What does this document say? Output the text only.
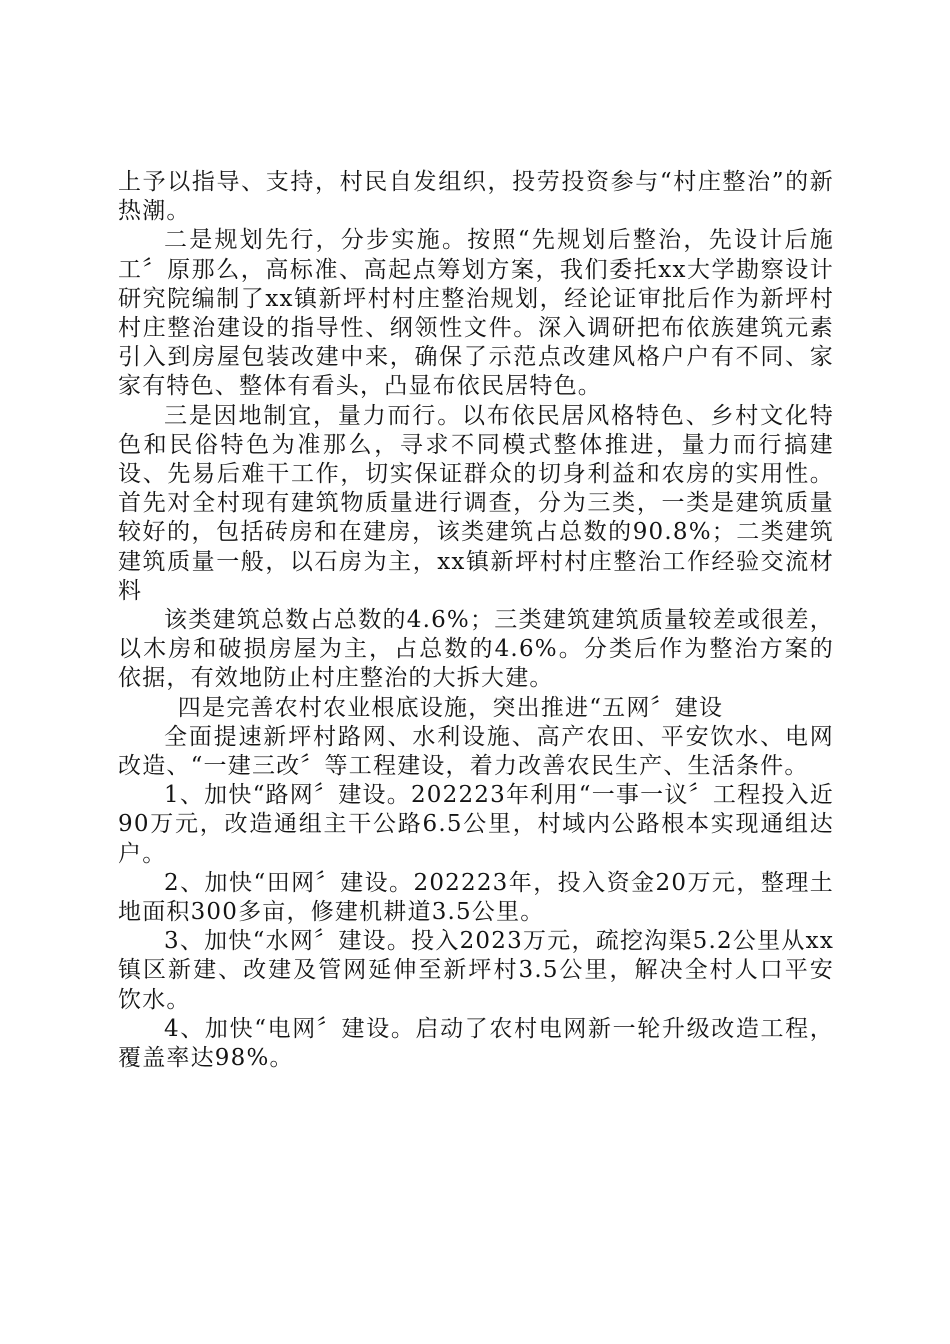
上予以指导、支持，村民自发组织，投劳投资参与“村庄整治”的新热潮。

二是规划先行，分步实施。按照“先规划后整治，先设计后施工〞原那么，高标准、高起点筹划方案，我们委托xx大学勘察设计研究院编制了xx镇新坪村村庄整治规划，经论证审批后作为新坪村村庄整治建设的指导性、纲领性文件。深入调研把布依族建筑元素引入到房屋包装改建中来，确保了示范点改建风格户户有不同、家家有特色、整体有看头，凸显布依民居特色。

三是因地制宜，量力而行。以布依民居风格特色、乡村文化特色和民俗特色为准那么，寻求不同模式整体推进，量力而行搞建设、先易后难干工作，切实保证群众的切身利益和农房的实用性。首先对全村现有建筑物质量进行调查，分为三类，一类是建筑质量较好的，包括砖房和在建房，该类建筑占总数的90.8%；二类建筑建筑质量一般，以石房为主，xx镇新坪村村庄整治工作经验交流材料

该类建筑总数占总数的4.6%；三类建筑建筑质量较差或很差，以木房和破损房屋为主，占总数的4.6%。分类后作为整治方案的依据，有效地防止村庄整治的大拆大建。

四是完善农村农业根底设施，突出推进“五网〞建设

全面提速新坪村路网、水利设施、高产农田、平安饮水、电网改造、“一建三改〞等工程建设，着力改善农民生产、生活条件。

1、加快“路网〞建设。202223年利用“一事一议〞工程投入近90万元，改造通组主干公路6.5公里，村域内公路根本实现通组达户。

2、加快“田网〞建设。202223年，投入资金20万元，整理土地面积300多亩，修建机耕道3.5公里。

3、加快“水网〞建设。投入2023万元，疏挖沟渠5.2公里从xx镇区新建、改建及管网延伸至新坪村3.5公里，解决全村人口平安饮水。

4、加快“电网〞建设。启动了农村电网新一轮升级改造工程，覆盖率达98%。
